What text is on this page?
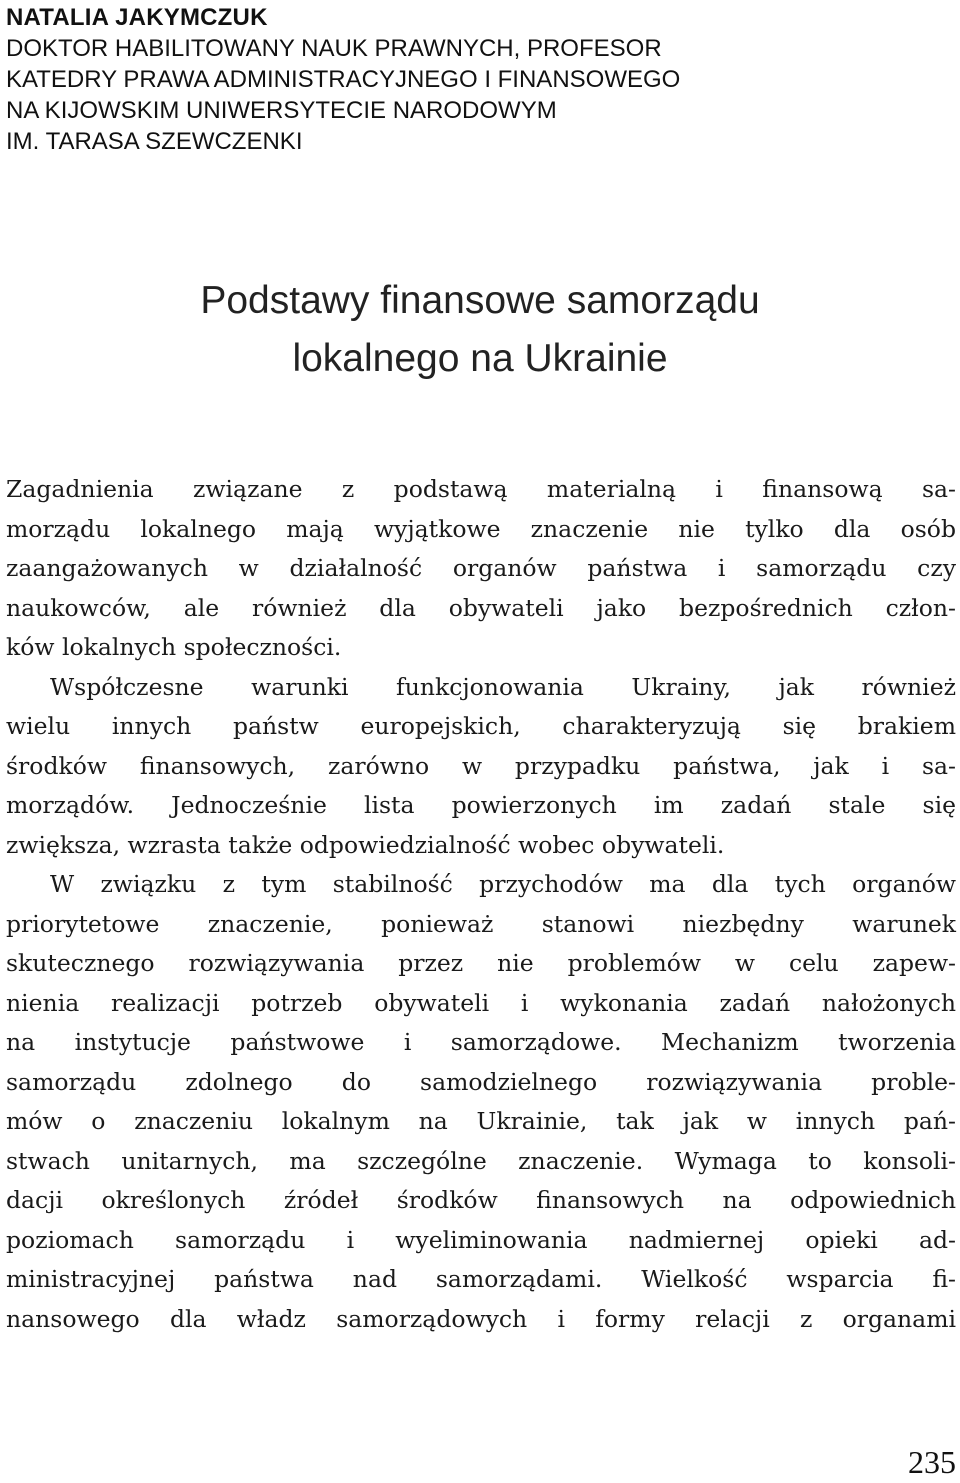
NATALIA JAKYMCZUK
DOKTOR HABILITOWANY NAUK PRAWNYCH, PROFESOR
KATEDRY PRAWA ADMINISTRACYJNEGO I FINANSOWEGO
NA KIJOWSKIM UNIWERSYTECIE NARODOWYM
IM. TARASA SZEWCZENKI
Podstawy finansowe samorządu
lokalnego na Ukrainie
Zagadnienia związane z podstawą materialną i finansową sa-
morządu lokalnego mają wyjątkowe znaczenie nie tylko dla osób
zaangażowanych w działalność organów państwa i samorządu czy
naukowców, ale również dla obywateli jako bezpośrednich człon-
ków lokalnych społeczności.
Współczesne warunki funkcjonowania Ukrainy, jak również
wielu innych państw europejskich, charakteryzują się brakiem
środków finansowych, zarówno w przypadku państwa, jak i sa-
morządów. Jednocześnie lista powierzonych im zadań stale się
zwiększa, wzrasta także odpowiedzialność wobec obywateli.
W związku z tym stabilność przychodów ma dla tych organów
priorytetowe znaczenie, ponieważ stanowi niezbędny warunek
skutecznego rozwiązywania przez nie problemów w celu zapew-
nienia realizacji potrzeb obywateli i wykonania zadań nałożonych
na instytucje państwowe i samorządowe. Mechanizm tworzenia
samorządu zdolnego do samodzielnego rozwiązywania proble-
mów o znaczeniu lokalnym na Ukrainie, tak jak w innych pań-
stwach unitarnych, ma szczególne znaczenie. Wymaga to konsoli-
dacji określonych źródeł środków finansowych na odpowiednich
poziomach samorządu i wyeliminowania nadmiernej opieki ad-
ministracyjnej państwa nad samorządami. Wielkość wsparcia fi-
nansowego dla władz samorządowych i formy relacji z organami
235
